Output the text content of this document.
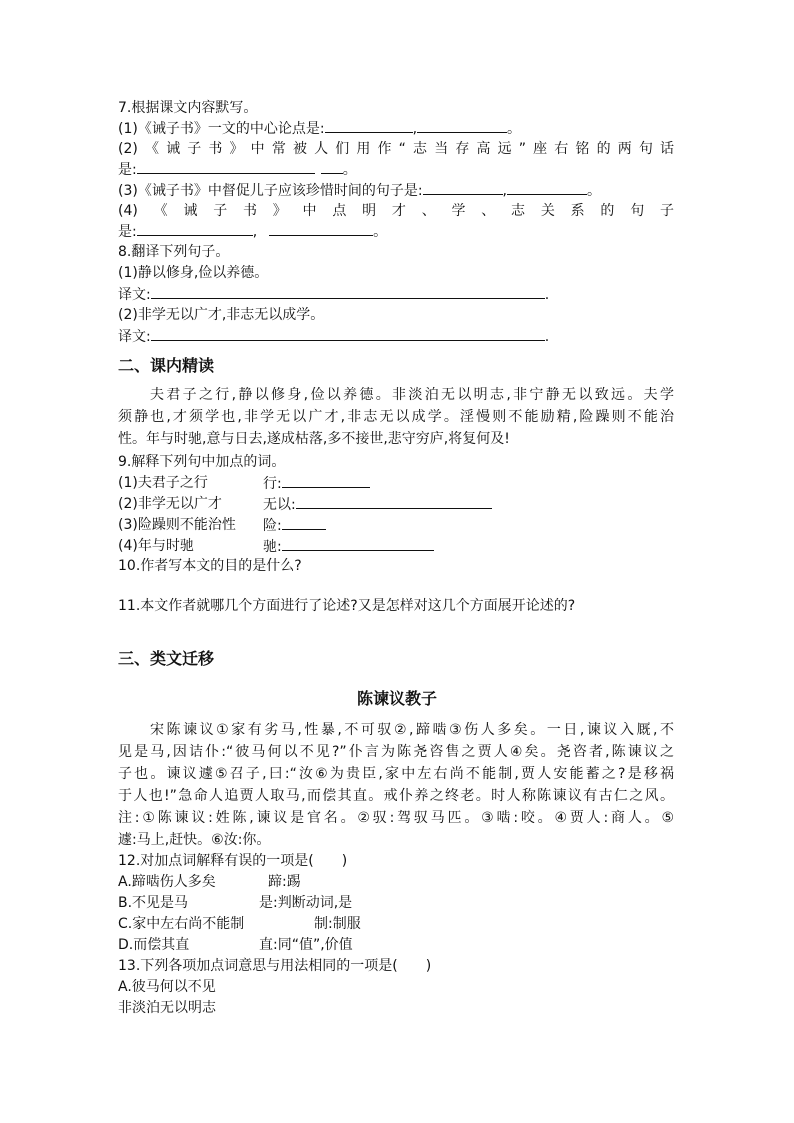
7.根据课文内容默写。
(1)《诫子书》一文的中心论点是:	,	。
(2)《诫子书》中常被人们用作“志当存高远”座右铭的两句话
是:	。
(3)《诫子书》中督促儿子应该珍惜时间的句子是:	,	。
(4)《诫子书》中点明才、学、志关系的句子
是:	,	。
8.翻译下列句子。
(1)静以修身,俭以养德。
译文:	.
(2)非学无以广才,非志无以成学。
译文:	.
二、课内精读
夫君子之行,静以修身,俭以养德。非淡泊无以明志,非宁静无以致远。夫学
须静也,才须学也,非学无以广才,非志无以成学。淫慢则不能励精,险躁则不能治
性。年与时驰,意与日去,遂成枯落,多不接世,悲守穷庐,将复何及!
9.解释下列句中加点的词。
(1)夫君子之行	行:
(2)非学无以广才	无以:
(3)险躁则不能治性 险:
(4)年与时驰	驰:
10.作者写本文的目的是什么?
11.本文作者就哪几个方面进行了论述?又是怎样对这几个方面展开论述的?
三、类文迁移
陈谏议教子
宋陈谏议①家有劣马,性暴,不可驭②,蹄啮③伤人多矣。一日,谏议入厩,不
见是马,因诘仆:“彼马何以不见?”仆言为陈尧咨售之贾人④矣。尧咨者,陈谏议之
子也。谏议遽⑤召子,曰:“汝⑥为贵臣,家中左右尚不能制,贾人安能蓄之?是移祸
于人也!”急命人追贾人取马,而偿其直。戒仆养之终老。时人称陈谏议有古仁之风。
注:①陈谏议:姓陈,谏议是官名。②驭:驾驭马匹。③啮:咬。④贾人:商人。⑤
遽:马上,赶快。⑥汝:你。
12.对加点词解释有误的一项是(　　)
A.蹄啮伤人多矣	蹄:踢
B.不见是马	是:判断动词,是
C.家中左右尚不能制	制:制服
D.而偿其直	直:同“值”,价值
13.下列各项加点词意思与用法相同的一项是(　　)
A.彼马何以不见
非淡泊无以明志
